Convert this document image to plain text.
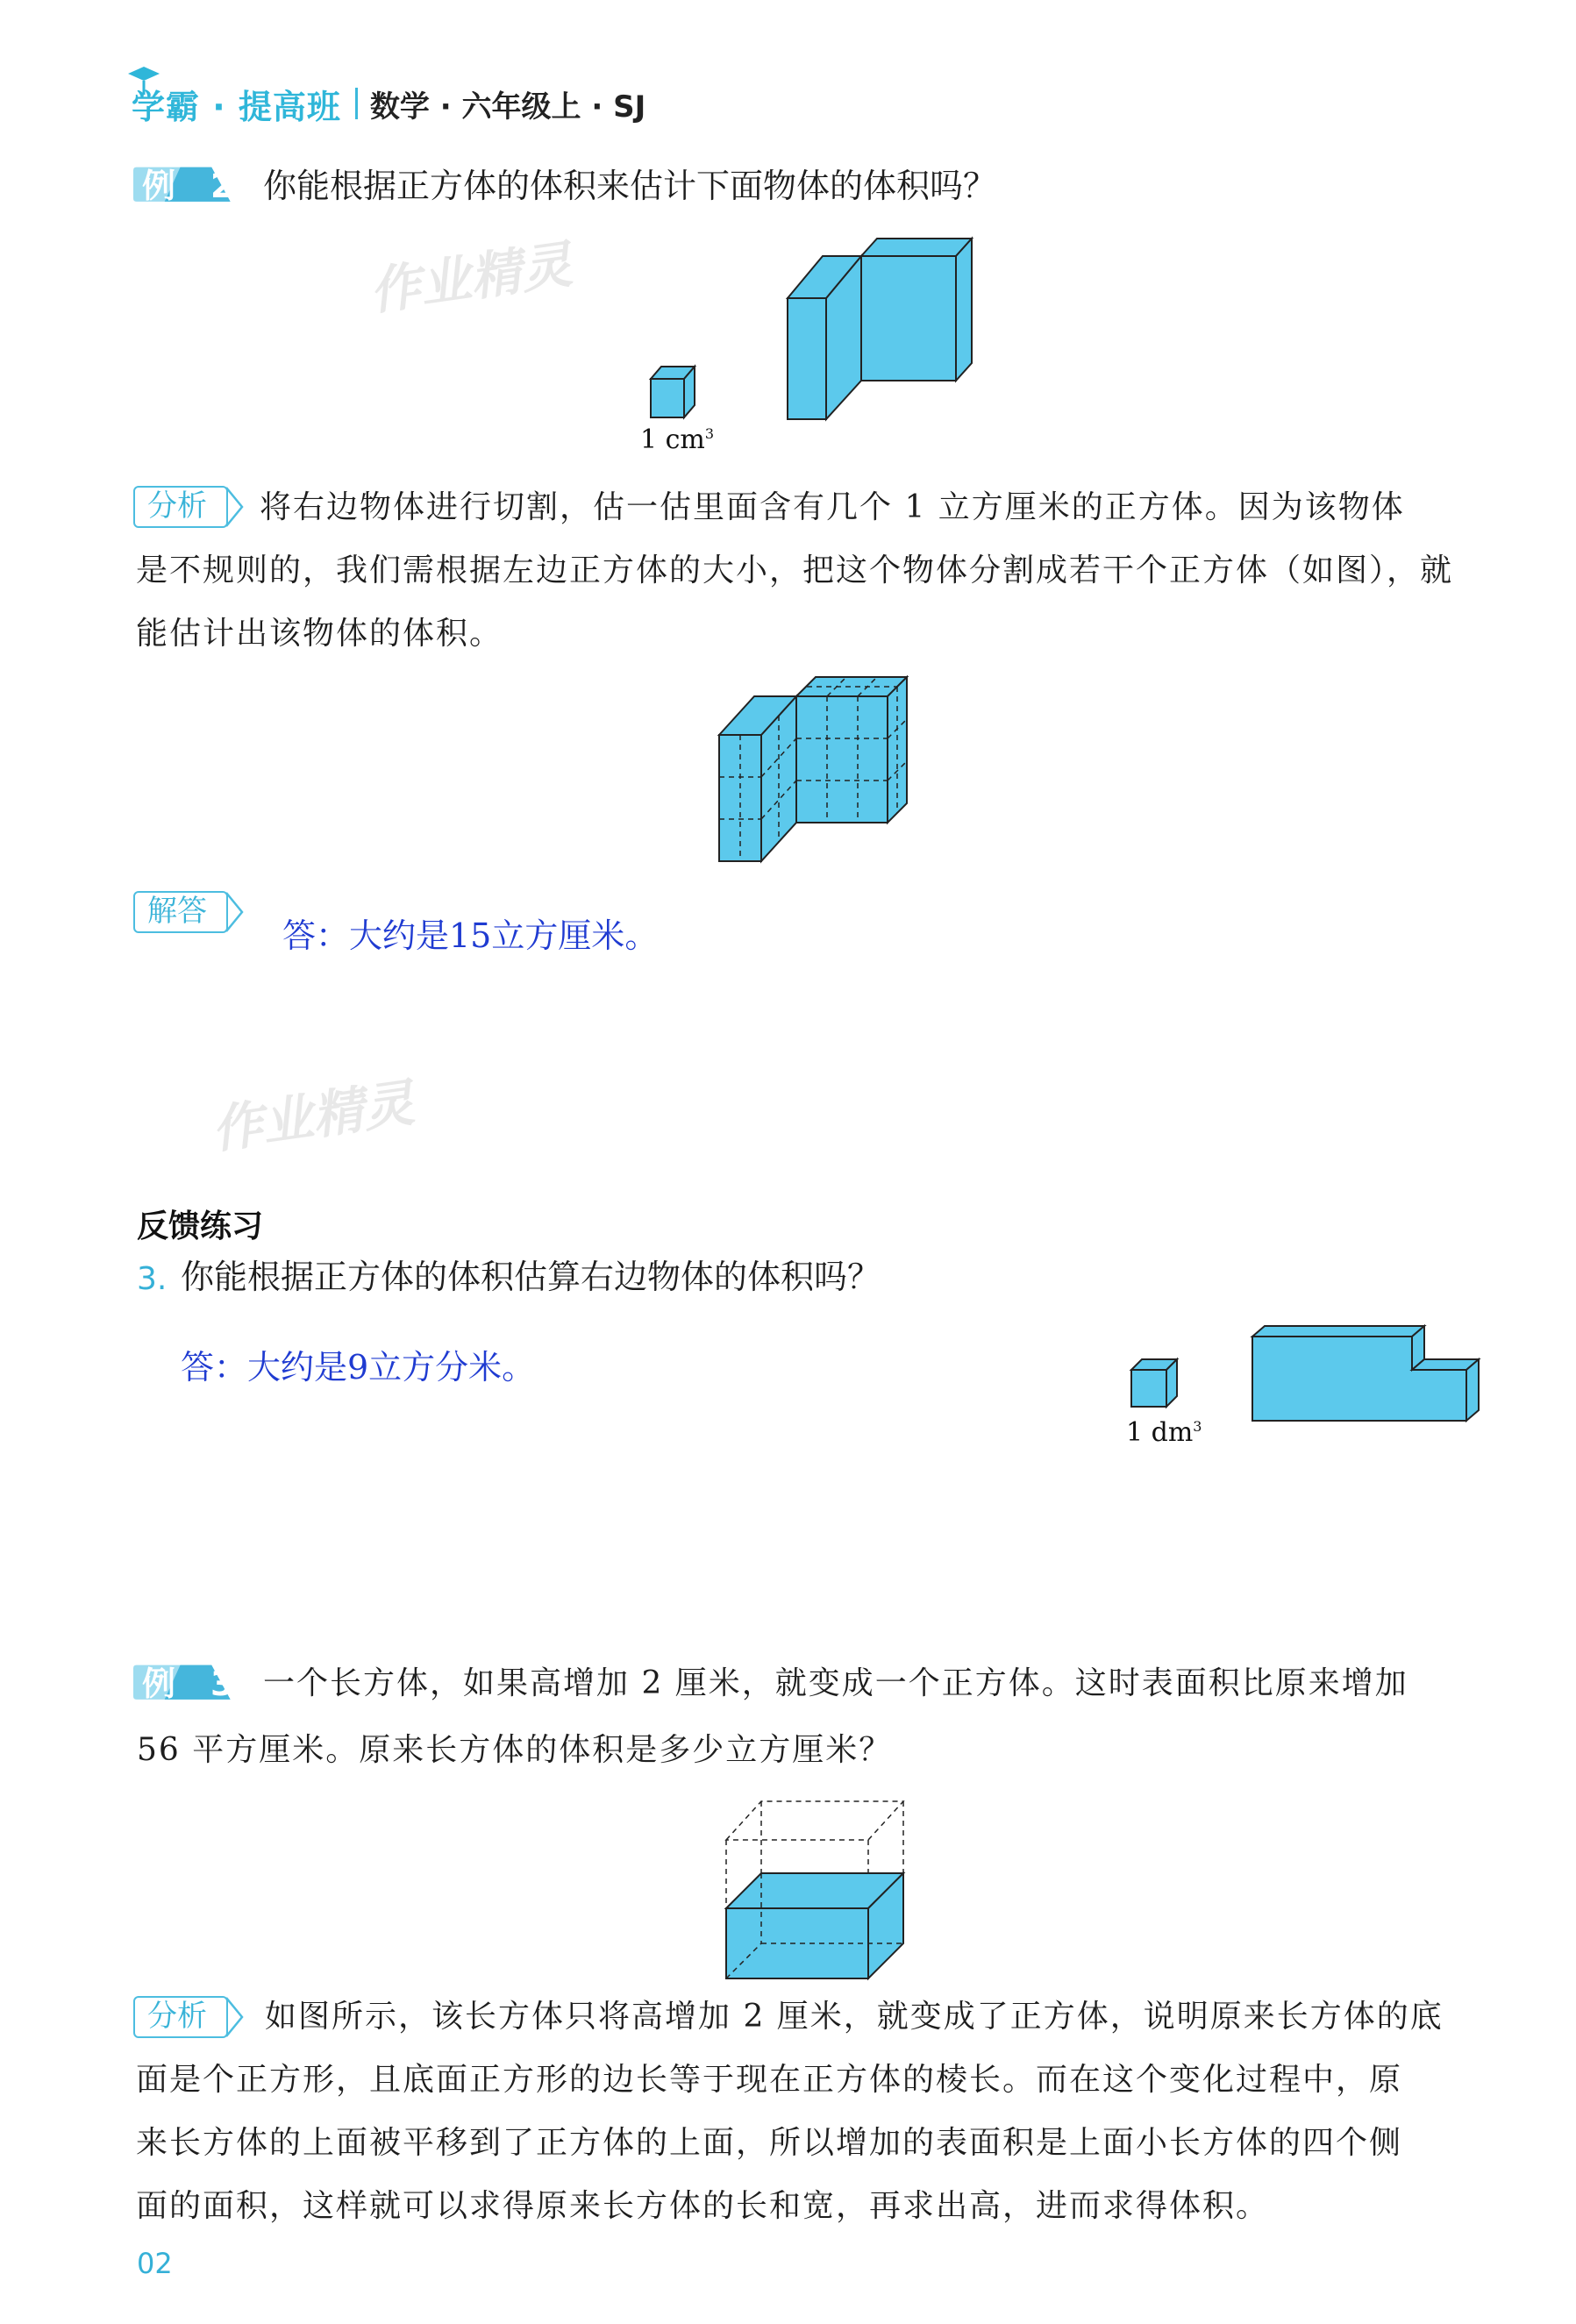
学霸 · 提高班 数学 · 六年级上 · SJ
例 2 你能根据正方体的体积来估计下面物体的体积吗？
作业精灵
1 $cm^3$
分析	将右边物体进行切割，估一估里面含有几个 1 立方厘米的正方体。因为该物体
是不规则的，我们需根据左边正方体的大小，把这个物体分割成若干个正方体（如图），就
能估计出该物体的体积。
解答
答：大约是15立方厘米。
作业精灵
反馈练习
3. 你能根据正方体的体积估算右边物体的体积吗？
答：大约是9立方分米。
1 $dm^3$
例 3 一个长方体，如果高增加 2 厘米，就变成一个正方体。这时表面积比原来增加
56 平方厘米。原来长方体的体积是多少立方厘米？
分析	如图所示，该长方体只将高增加 2 厘米，就变成了正方体，说明原来长方体的底
面是个正方形，且底面正方形的边长等于现在正方体的棱长。而在这个变化过程中，原
来长方体的上面被平移到了正方体的上面，所以增加的表面积是上面小长方体的四个侧
面的面积，这样就可以求得原来长方体的长和宽，再求出高，进而求得体积。
02
